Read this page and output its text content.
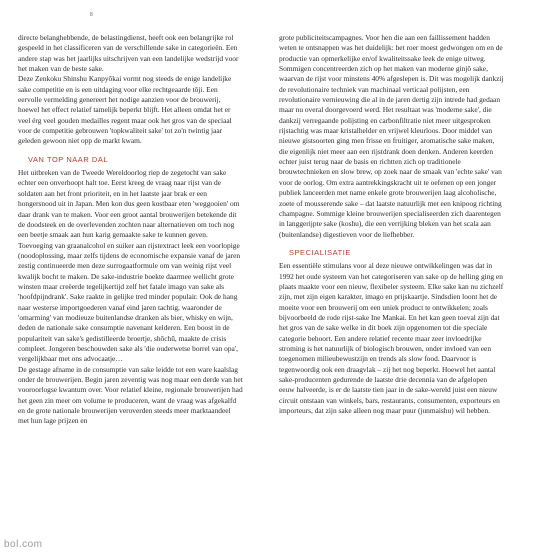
8

directe belanghebbende, de belastingdienst, heeft ook een belangrijke rol gespeeld in het classificeren van de verschillende sake in categorieën. Een andere stap was het jaarlijks uitschrijven van een landelijke wedstrijd voor het maken van de beste sake.

Deze Zenkoku Shinshu Kanpyōkai vormt nog steeds de enige landelijke sake competitie en is een uitdaging voor elke rechtgeaarde tōji. Een eervolle vermelding genereert het nodige aanzien voor de brouwerij, hoewel het effect relatief tamelijk beperkt blijft. Het alleen omdat het er veel érg veel gouden medailles regent maar ook het gros van de speciaal voor de competitie gebrouwen 'topkwaliteit sake' tot zo'n twintig jaar geleden gewoon niet opp de markt kwam.

VAN TOP NAAR DAL

Het uitbreken van de Tweede Wereldoorlog riep de zegetocht van sake echter een onverhoopt halt toe. Eerst kreeg de vraag naar rijst van de soldaten aan het front prioriteit, en in het laatste jaar brak er een hongersnood uit in Japan. Men kon dus geen kostbaar eten 'weggooien' om daar drank van te maken. Voor een groot aantal brouwerijen betekende dit de doodsteek en de overlevenden zochten naar alternatieven om toch nog een beetje smaak aan hun karig gemaakte sake te kunnen geven. Toevoeging van graanalcohol en suiker aan rijstextract leek een voorlopige (noodoplossing, maar zelfs tijdens de economische expansie vanaf de jaren zestig continueerde men deze surrogaatformule om van weinig rijst veel kwalijk bocht te maken. De sake-industrie boekte daarmee wellicht grote winsten maar creëerde tegelijkertijd zelf het fatale imago van sake als 'hoofdpijndrank'. Sake raakte in gelijke tred minder populair. Ook de hang naar westerse importgoederen vanaf eind jaren tachtig, waaronder de 'omarming' van modieuze buitenlandse dranken als bier, whisky en wijn, deden de nationale sake consumptie navenant kelderen. Een boost in de populariteit van sake's gedistilleerde broertje, shōchū, maakte de crisis compleet. Jongeren beschouwden sake als 'die ouderwetse borrel van opa', vergelijkbaar met ons advocaatje…

De gestage afname in de consumptie van sake leidde tot een ware kaalslag onder de brouwerijen. Begin jaren zeventig was nog maar een derde van het vooroorlogse kwantum over. Voor relatief kleine, regionale brouwerijen had het geen zin meer om volume te produceren, want de vraag was afgekalfd en de grote nationale brouwerijen veroverden steeds meer marktaandeel met hun lage prijzen en

grote publiciteitscampagnes. Voor hen die aan een faillissement hadden weten te ontsnappen was het duidelijk: het roer moest gedwongen om en de productie van opmerkelijke en/of kwaliteitssake leek de enige uitweg. Sommigen concentreerden zich op het maken van moderne ginjō sake, waarvan de rijst voor minstens 40% afgeslepen is. Dit was mogelijk dankzij de revolutionaire techniek van machinaal verticaal polijsten, een revolutionaire vernieuwing die al in de jaren dertig zijn intrede had gedaan maar nu overal doorgevoerd werd. Het resultaat was 'moderne sake', die dankzij verregaande polijsting en carbonfiltratie niet meer uitgesproken rijstachtig was maar kristalhelder en vrijwel kleurloos. Door middel van nieuwe gistsoorten ging men frisse en fruitiger, aromatische sake maken, die eigenlijk niet meer aan een rijstdrank doen denken. Anderen keerden echter juist terug naar de basis en richtten zich op traditionele brouwtechnieken en slow brew, op zoek naar de smaak van 'echte sake' van voor de oorlog. Om extra aantrekkingskracht uit te oefenen op een jonger publiek lanceerden met name enkele grote brouwerijen laag alcoholische, zoete of mousserende sake – dat laatste natuurlijk met een knipoog richting champagne. Sommige kleine brouwerijen specialiseerden zich daarentegen in langgerijpte sake (koshu), die een verrijking bleken van het scala aan (buitenlandse) digestieven voor de liefhebber.

SPECIALISATIE

Een essentiële stimulans voor al deze nieuwe ontwikkelingen was dat in 1992 het oude systeem van het categoriseren van sake op de helling ging en plaats maakte voor een nieuw, flexibeler systeem. Elke sake kan nu zichzelf zijn, met zijn eigen karakter, imago en prijskaartje. Sindsdien loont het de moeite voor een brouwerij om een uniek product te ontwikkelen; zoals bijvoorbeeld de rode rijst-sake Ine Mankai. En het kan geen toeval zijn dat het gros van de sake welke in dit boek zijn opgenomen tot die speciale categorie behoort. Een andere relatief recente maar zeer invloedrijke stroming is het natuurlijk of biologisch brouwen, onder invloed van een toegenomen milieubewustzijn en trends als slow food. Daarvoor is tegenwoordig ook een draagvlak – zij het nog beperkt. Hoewel het aantal sake-producenten gedurende de laatste drie decennia van de afgelopen eeuw halveerde, is er de laatste tien jaar in de sake-wereld juist een nieuw circuit ontstaan van winkels, bars, restaurants, consumenten, exporteurs en importeurs, dat zijn sake alleen nog maar puur (junmaishu) wil hebben.

bol.com
